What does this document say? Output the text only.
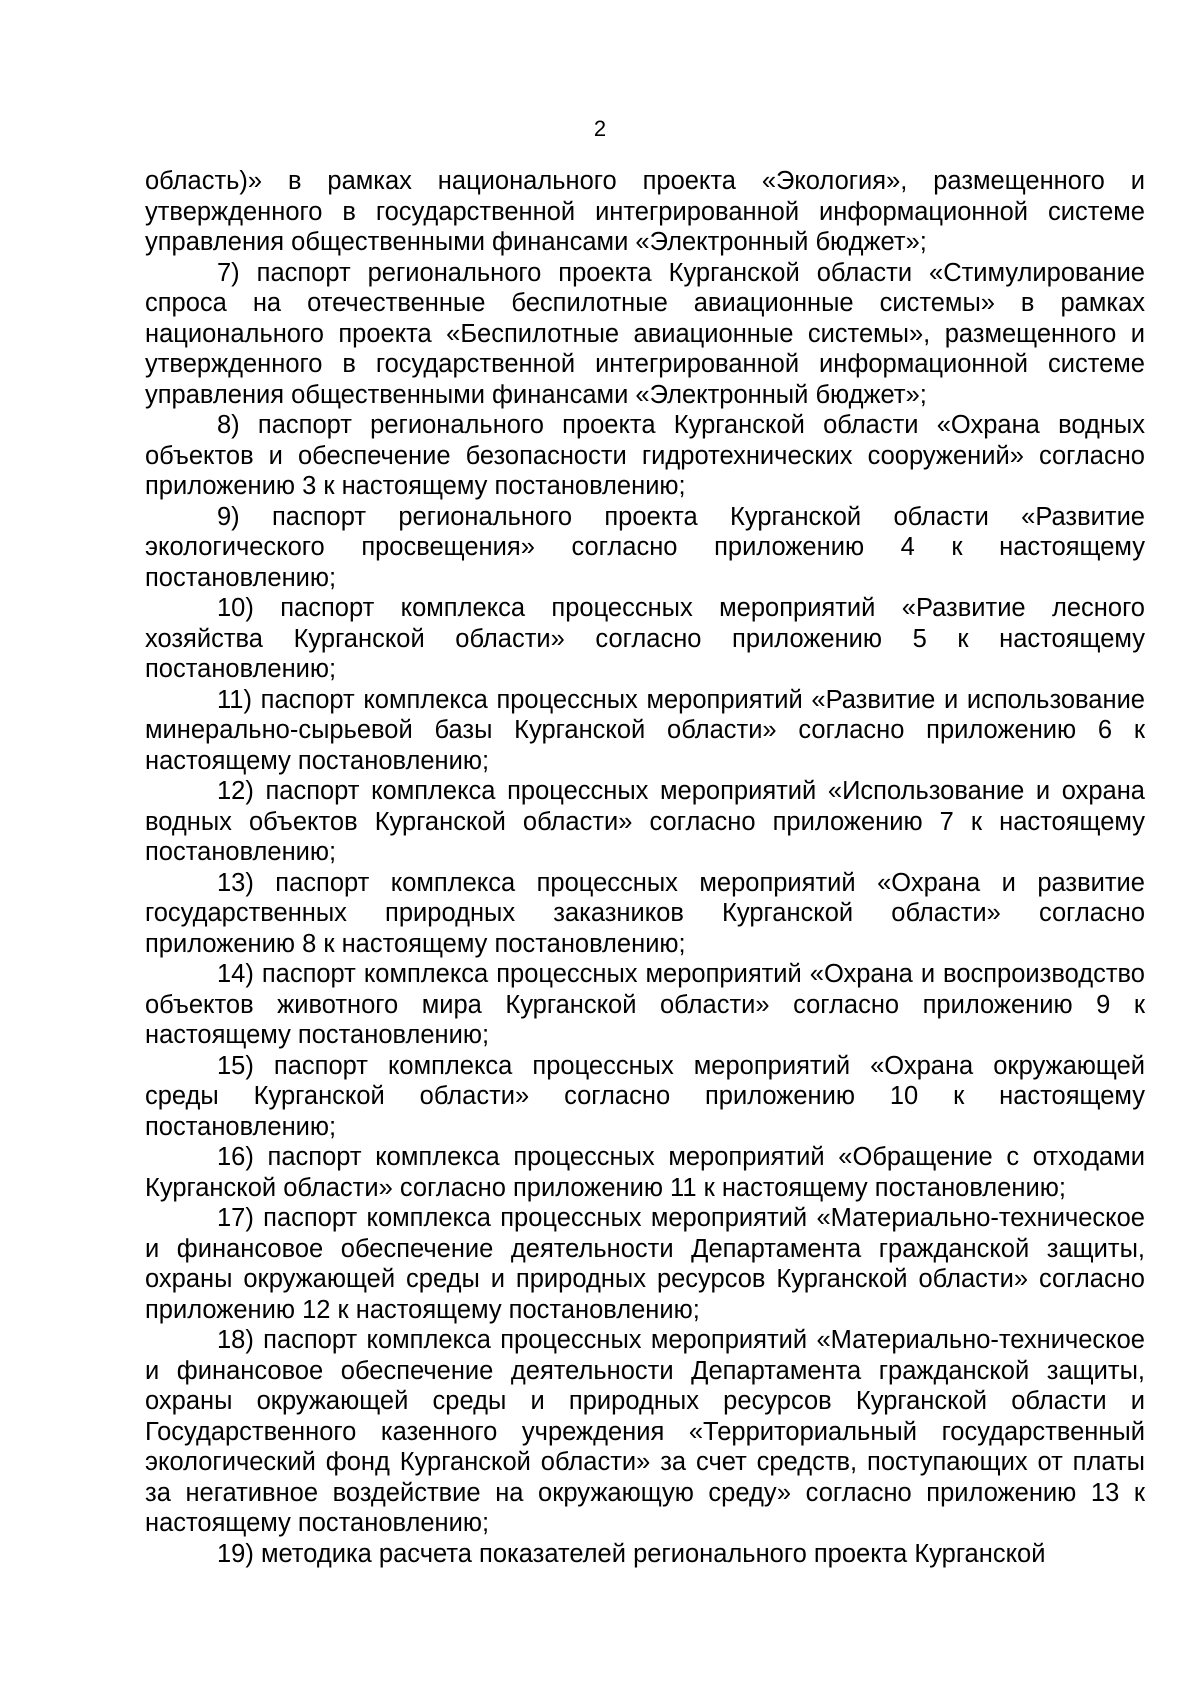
2

область)» в рамках национального проекта «Экология», размещенного и утвержденного в государственной интегрированной информационной системе управления общественными финансами «Электронный бюджет»;

7) паспорт регионального проекта Курганской области «Стимулирование спроса на отечественные беспилотные авиационные системы» в рамках национального проекта «Беспилотные авиационные системы», размещенного и утвержденного в государственной интегрированной информационной системе управления общественными финансами «Электронный бюджет»;

8) паспорт регионального проекта Курганской области «Охрана водных объектов и обеспечение безопасности гидротехнических сооружений» согласно приложению 3 к настоящему постановлению;

9) паспорт регионального проекта Курганской области «Развитие экологического просвещения» согласно приложению 4 к настоящему постановлению;

10) паспорт комплекса процессных мероприятий «Развитие лесного хозяйства Курганской области» согласно приложению 5 к настоящему постановлению;

11) паспорт комплекса процессных мероприятий «Развитие и использование минерально-сырьевой базы Курганской области» согласно приложению 6 к настоящему постановлению;

12) паспорт комплекса процессных мероприятий «Использование и охрана водных объектов Курганской области» согласно приложению 7 к настоящему постановлению;

13) паспорт комплекса процессных мероприятий «Охрана и развитие государственных природных заказников Курганской области» согласно приложению 8 к настоящему постановлению;

14) паспорт комплекса процессных мероприятий «Охрана и воспроизводство объектов животного мира Курганской области» согласно приложению 9 к настоящему постановлению;

15) паспорт комплекса процессных мероприятий «Охрана окружающей среды Курганской области» согласно приложению 10 к настоящему постановлению;

16) паспорт комплекса процессных мероприятий «Обращение с отходами Курганской области» согласно приложению 11 к настоящему постановлению;

17) паспорт комплекса процессных мероприятий «Материально-техническое и финансовое обеспечение деятельности Департамента гражданской защиты, охраны окружающей среды и природных ресурсов Курганской области» согласно приложению 12 к настоящему постановлению;

18) паспорт комплекса процессных мероприятий «Материально-техническое и финансовое обеспечение деятельности Департамента гражданской защиты, охраны окружающей среды и природных ресурсов Курганской области и Государственного казенного учреждения «Территориальный государственный экологический фонд Курганской области» за счет средств, поступающих от платы за негативное воздействие на окружающую среду» согласно приложению 13 к настоящему постановлению;

19) методика расчета показателей регионального проекта Курганской
